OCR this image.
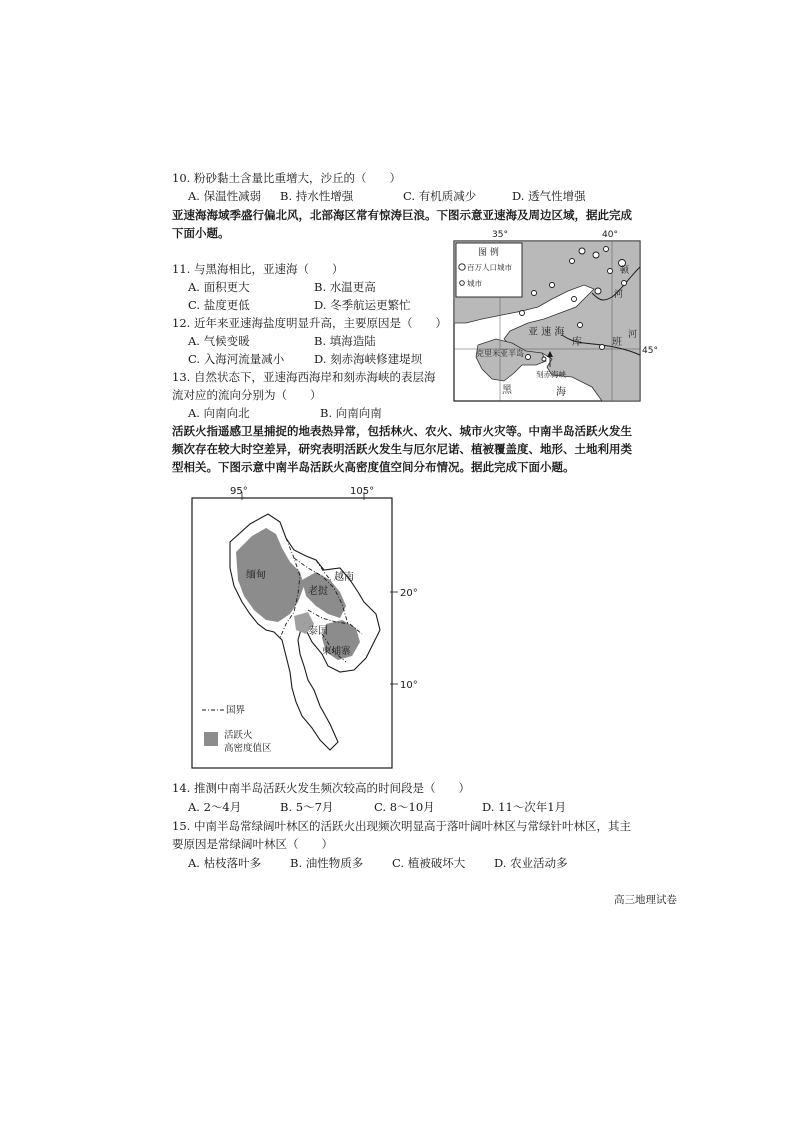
10. 粉砂黏土含量比重增大，沙丘的（　　）
A. 保温性减弱 B. 持水性增强	C. 有机质减少	D. 透气性增强
亚速海海域季盛行偏北风，北部海区常有惊涛巨浪。下图示意亚速海及周边区域，据此完成
下面小题。
11. 与黑海相比，亚速海（　　）
A. 面积更大	B. 水温更高
C. 盐度更低	D. 冬季航运更繁忙
12. 近年来亚速海盐度明显升高，主要原因是（　　）
A. 气候变暖	B. 填海造陆
C. 入海河流量减小	D. 刻赤海峡修建堤坝
13. 自然状态下，亚速海西海岸和刻赤海峡的表层海
流对应的流向分别为（　　）
A. 向南向北	B. 向南向南
图 例
百万人口城市
城市
35°	40°
45°
亚 速 海
克里米亚半岛
刻赤海峡
黑	海
库	班
河
河
顿
活跃火指遥感卫星捕捉的地表热异常，包括林火、农火、城市火灾等。中南半岛活跃火发生
频次存在较大时空差异，研究表明活跃火发生与厄尔尼诺、植被覆盖度、地形、土地利用类
型相关。下图示意中南半岛活跃火高密度值空间分布情况。据此完成下面小题。
95°	105°
20°
10°
缅甸
老挝
越南
泰国
柬埔寨
国界
活跃火
高密度值区
14. 推测中南半岛活跃火发生频次较高的时间段是（　　）
A. 2～4月	B. 5～7月	C. 8～10月	D. 11～次年1月
15. 中南半岛常绿阔叶林区的活跃火出现频次明显高于落叶阔叶林区与常绿针叶林区，其主
要原因是常绿阔叶林区（　　）
A. 枯枝落叶多	B. 油性物质多 C. 植被破坏大	D. 农业活动多
高三地理试卷
